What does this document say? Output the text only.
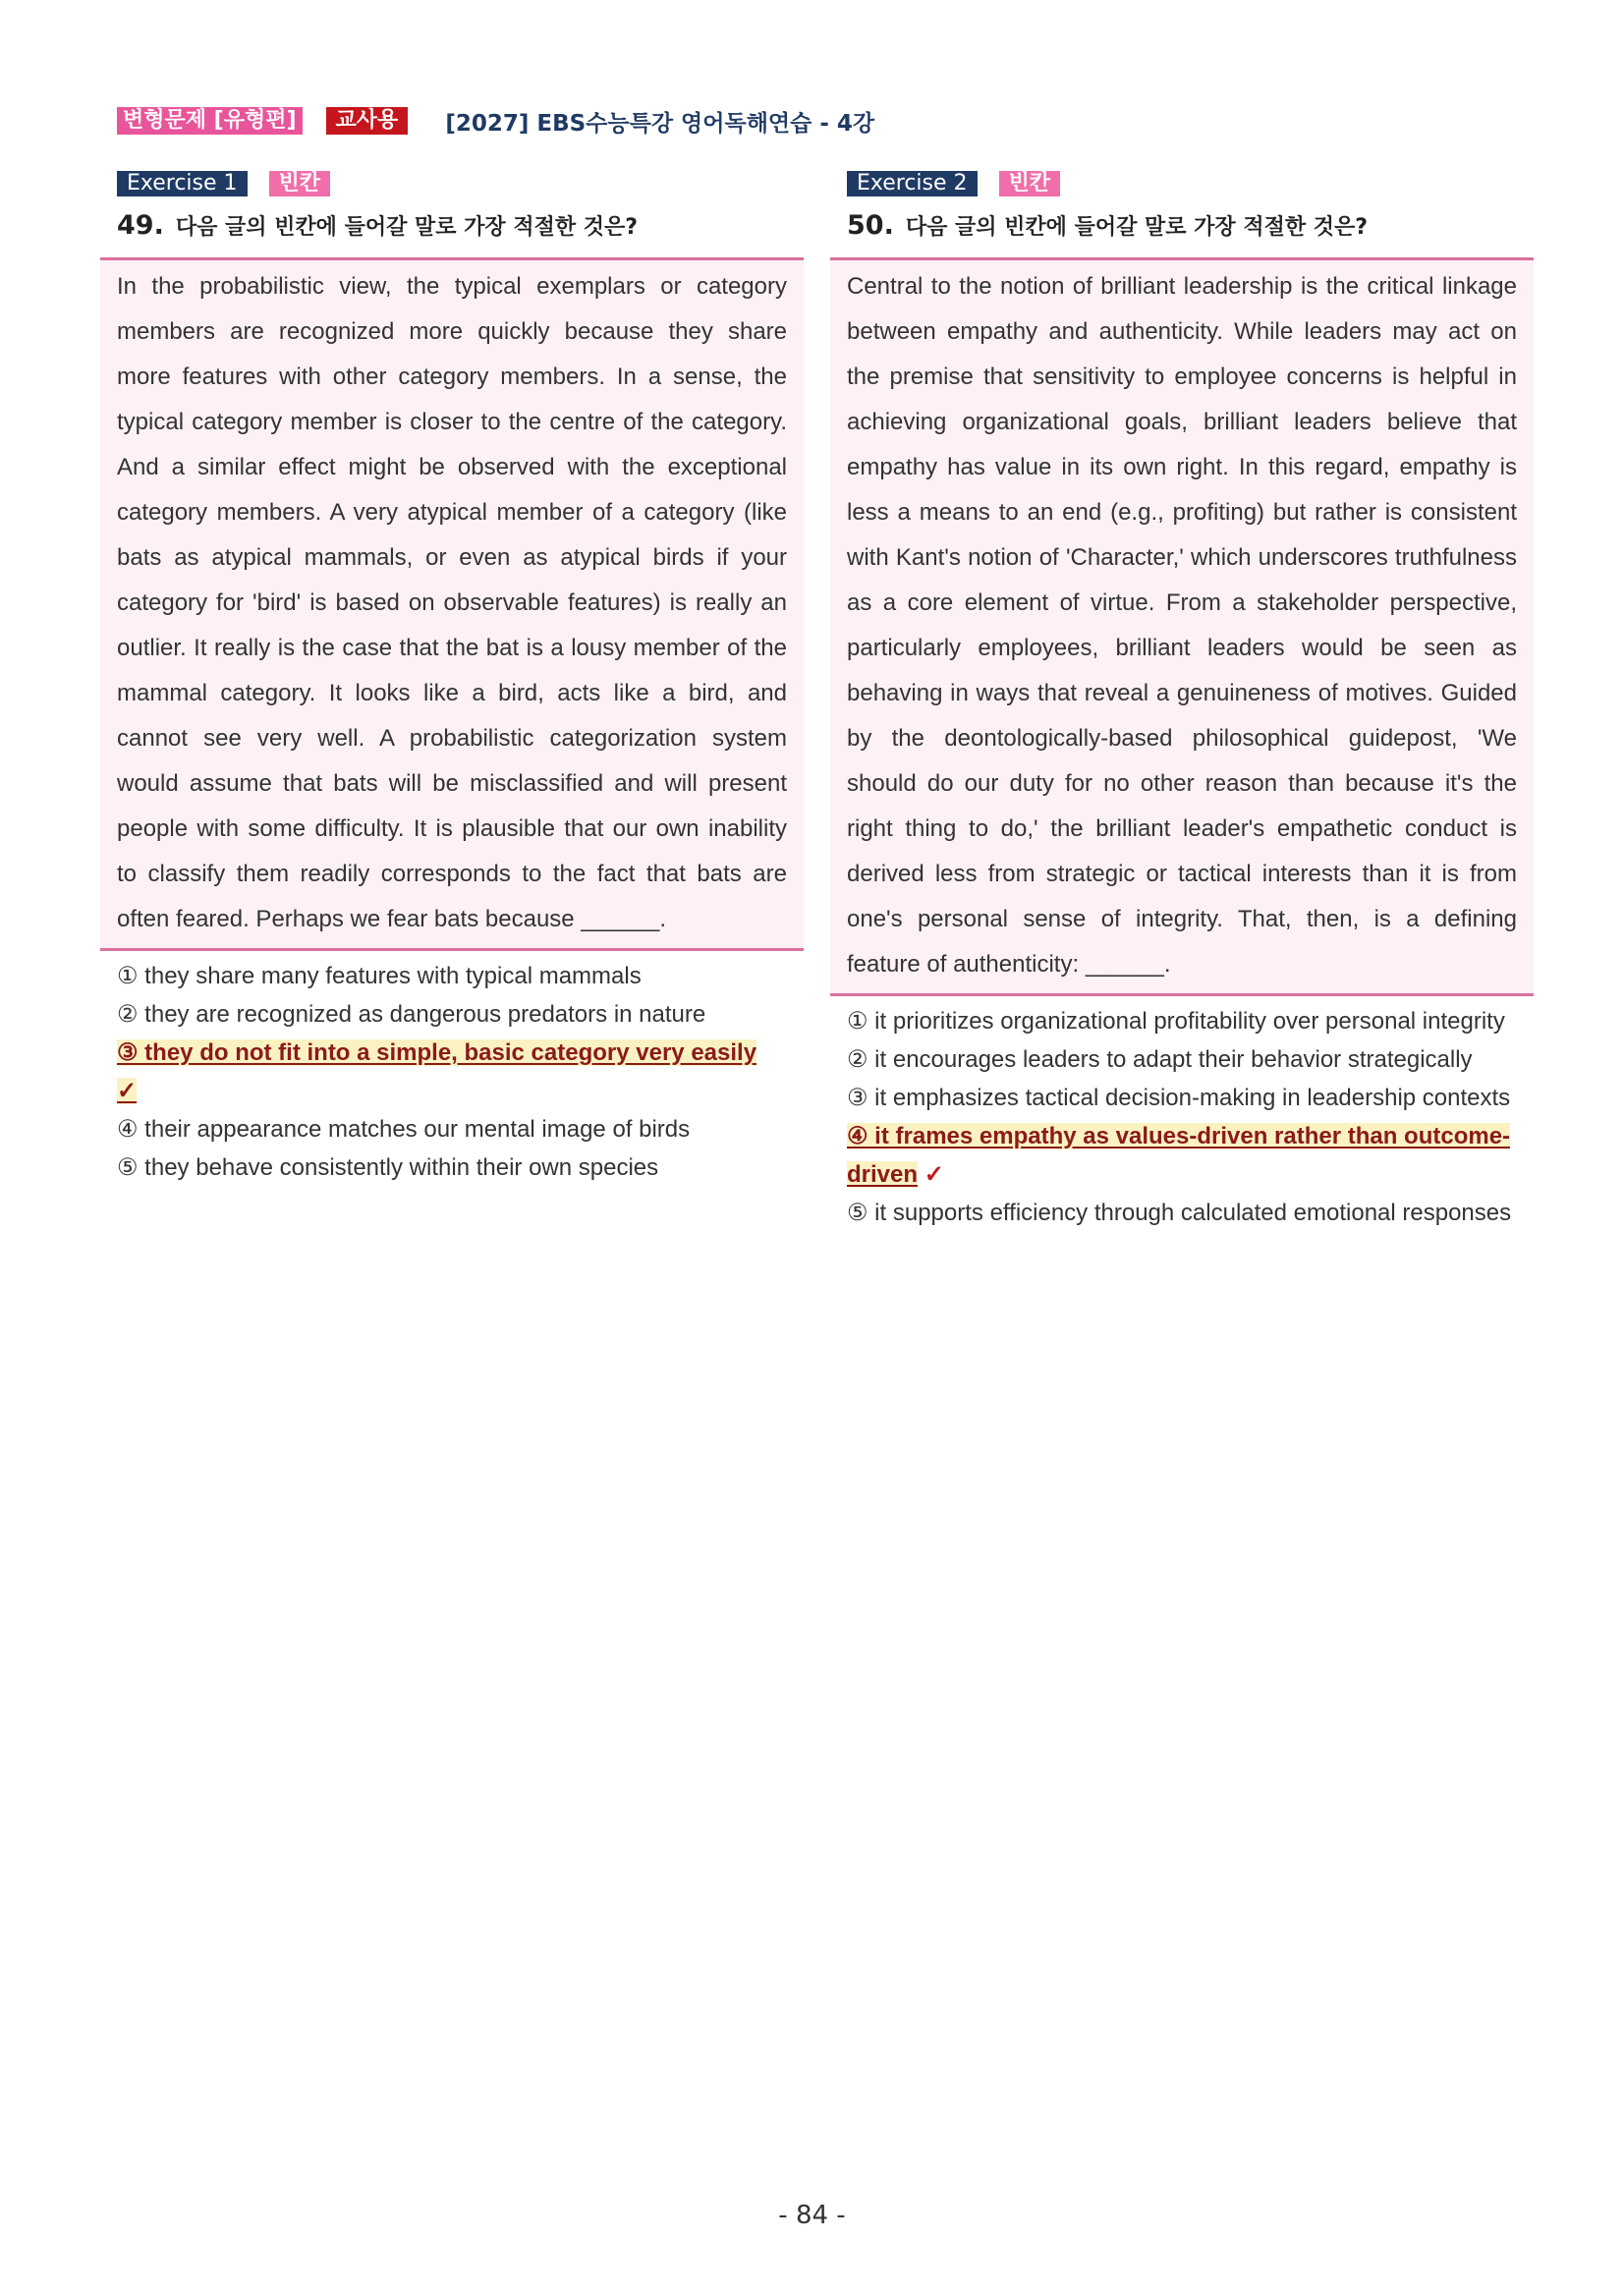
변형문제 [유형편]	교사용	[2027] EBS수능특강 영어독해연습 - 4강
Exercise 1	빈칸
49. 다음 글의 빈칸에 들어갈 말로 가장 적절한 것은?
In the probabilistic view, the typical exemplars or category members are recognized more quickly because they share more features with other category members. In a sense, the typical category member is closer to the centre of the category. And a similar effect might be observed with the exceptional category members. A very atypical member of a category (like bats as atypical mammals, or even as atypical birds if your category for 'bird' is based on observable features) is really an outlier. It really is the case that the bat is a lousy member of the mammal category. It looks like a bird, acts like a bird, and cannot see very well. A probabilistic categorization system would assume that bats will be misclassified and will present people with some difficulty. It is plausible that our own inability to classify them readily corresponds to the fact that bats are often feared. Perhaps we fear bats because ______.
① they share many features with typical mammals
② they are recognized as dangerous predators in nature
③ they do not fit into a simple, basic category very easily
✓
④ their appearance matches our mental image of birds
⑤ they behave consistently within their own species
Exercise 2	빈칸
50. 다음 글의 빈칸에 들어갈 말로 가장 적절한 것은?
Central to the notion of brilliant leadership is the critical linkage between empathy and authenticity. While leaders may act on the premise that sensitivity to employee concerns is helpful in achieving organizational goals, brilliant leaders believe that empathy has value in its own right. In this regard, empathy is less a means to an end (e.g., profiting) but rather is consistent with Kant's notion of 'Character,' which underscores truthfulness as a core element of virtue. From a stakeholder perspective, particularly employees, brilliant leaders would be seen as behaving in ways that reveal a genuineness of motives. Guided by the deontologically-based philosophical guidepost, 'We should do our duty for no other reason than because it's the right thing to do,' the brilliant leader's empathetic conduct is derived less from strategic or tactical interests than it is from one's personal sense of integrity. That, then, is a defining feature of authenticity: ______.
① it prioritizes organizational profitability over personal integrity
② it encourages leaders to adapt their behavior strategically
③ it emphasizes tactical decision-making in leadership contexts
④ it frames empathy as values-driven rather than outcome-driven ✓
⑤ it supports efficiency through calculated emotional responses
- 84 -
